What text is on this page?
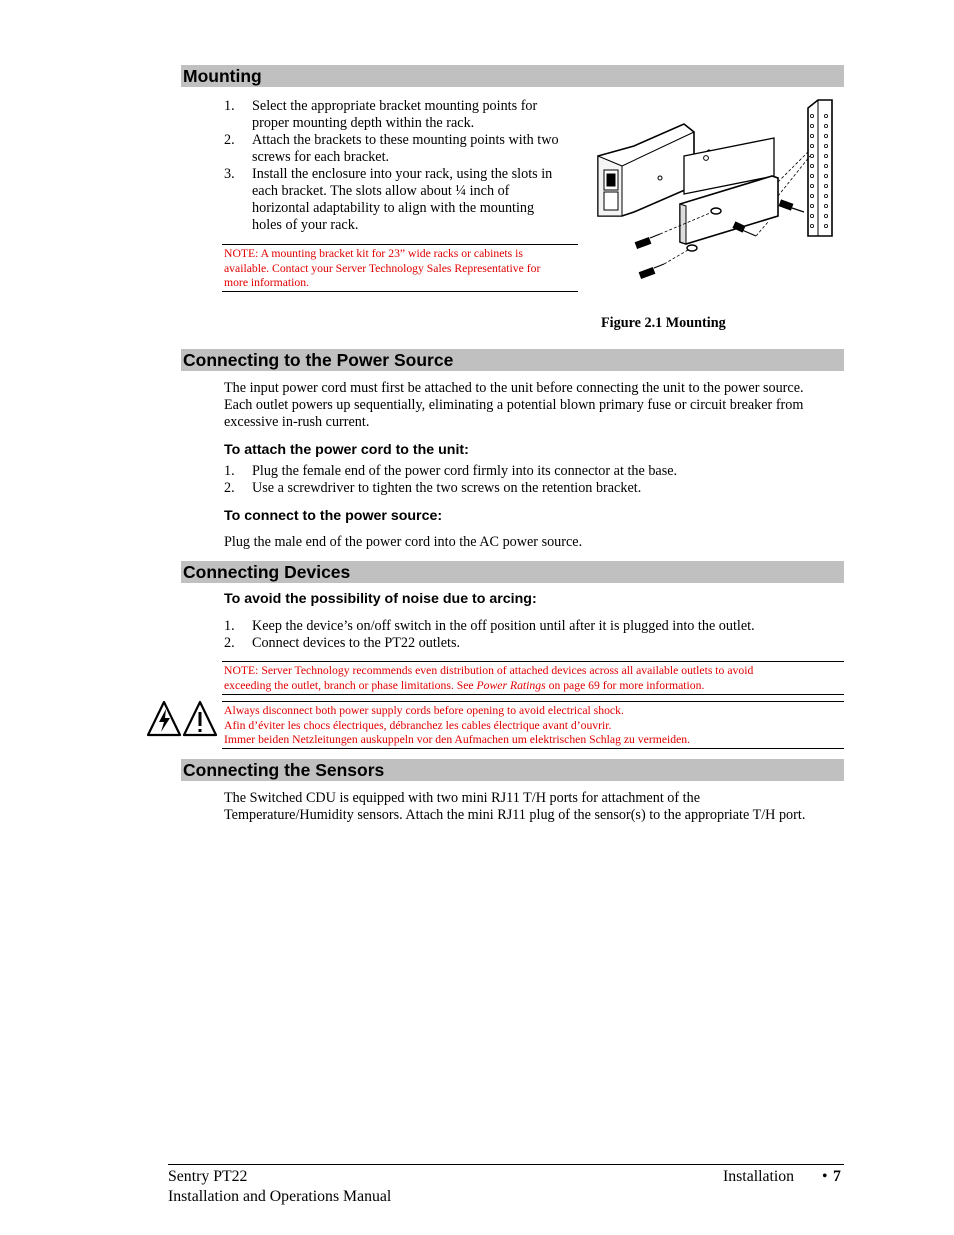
Mounting
1. Select the appropriate bracket mounting points for
proper mounting depth within the rack.
2. Attach the brackets to these mounting points with two
screws for each bracket.
3. Install the enclosure into your rack, using the slots in
each bracket. The slots allow about ¼ inch of
horizontal adaptability to align with the mounting
holes of your rack.
NOTE: A mounting bracket kit for 23” wide racks or cabinets is
available. Contact your Server Technology Sales Representative for
more information.
Figure 2.1 Mounting
Connecting to the Power Source
The input power cord must first be attached to the unit before connecting the unit to the power source.
Each outlet powers up sequentially, eliminating a potential blown primary fuse or circuit breaker from
excessive in-rush current.
To attach the power cord to the unit:
1. Plug the female end of the power cord firmly into its connector at the base.
2. Use a screwdriver to tighten the two screws on the retention bracket.
To connect to the power source:
Plug the male end of the power cord into the AC power source.
Connecting Devices
To avoid the possibility of noise due to arcing:
1. Keep the device’s on/off switch in the off position until after it is plugged into the outlet.
2. Connect devices to the PT22 outlets.
NOTE: Server Technology recommends even distribution of attached devices across all available outlets to avoid
exceeding the outlet, branch or phase limitations. See Power Ratings on page 69 for more information.
Always disconnect both power supply cords before opening to avoid electrical shock.
Afin d’éviter les chocs électriques, débranchez les cables électrique avant d’ouvrir.
Immer beiden Netzleitungen auskuppeln vor den Aufmachen um elektrischen Schlag zu vermeiden.
Connecting the Sensors
The Switched CDU is equipped with two mini RJ11 T/H ports for attachment of the
Temperature/Humidity sensors. Attach the mini RJ11 plug of the sensor(s) to the appropriate T/H port.
Sentry PT22
Installation and Operations Manual
Installation • 7
